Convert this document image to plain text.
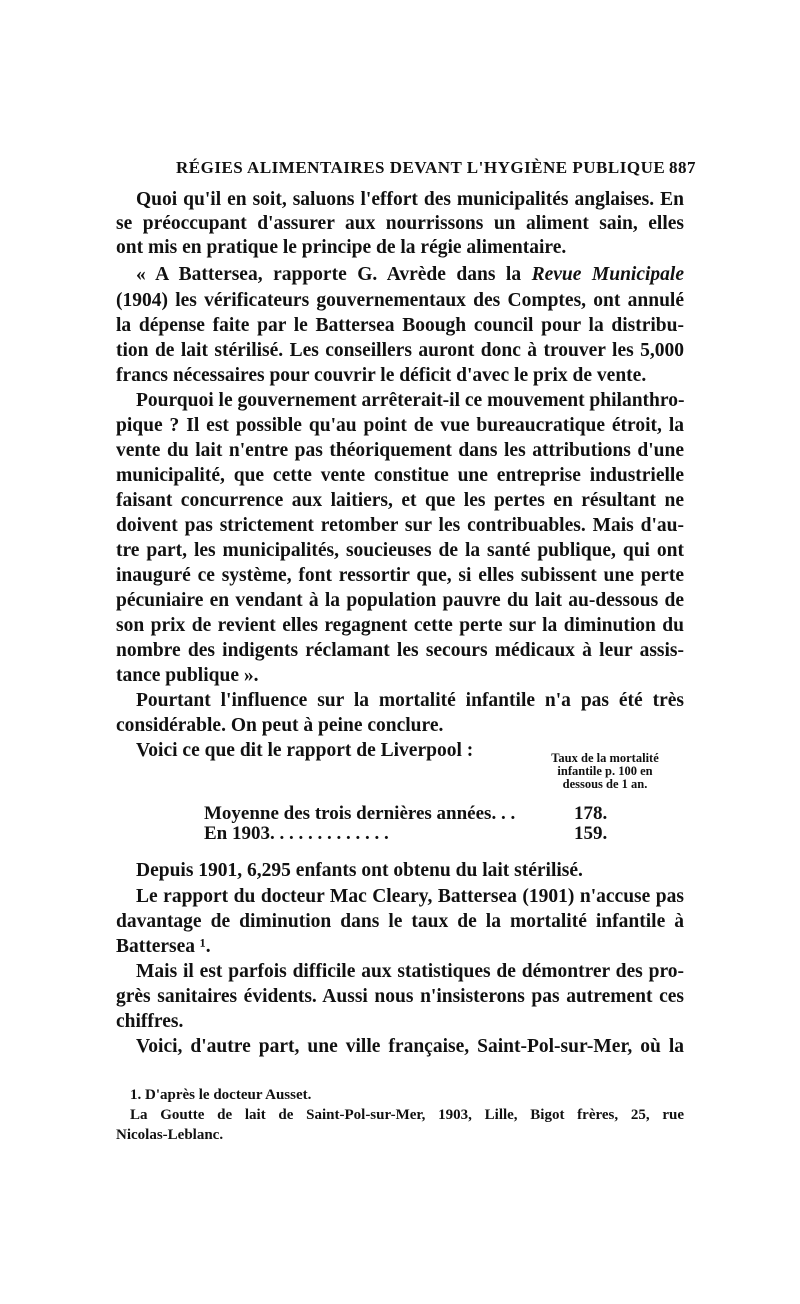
RÉGIES ALIMENTAIRES DEVANT L'HYGIÈNE PUBLIQUE 887
Quoi qu'il en soit, saluons l'effort des municipalités anglaises. En
se préoccupant d'assurer aux nourrissons un aliment sain, elles
ont mis en pratique le principe de la régie alimentaire.
« A Battersea, rapporte G. Avrède dans la Revue Municipale
(1904) les vérificateurs gouvernementaux des Comptes, ont annulé
la dépense faite par le Battersea Boough council pour la distribu-
tion de lait stérilisé. Les conseillers auront donc à trouver les 5,000
francs nécessaires pour couvrir le déficit d'avec le prix de vente.
Pourquoi le gouvernement arrêterait-il ce mouvement philanthro-
pique ? Il est possible qu'au point de vue bureaucratique étroit, la
vente du lait n'entre pas théoriquement dans les attributions d'une
municipalité, que cette vente constitue une entreprise industrielle
faisant concurrence aux laitiers, et que les pertes en résultant ne
doivent pas strictement retomber sur les contribuables. Mais d'au-
tre part, les municipalités, soucieuses de la santé publique, qui ont
inauguré ce système, font ressortir que, si elles subissent une perte
pécuniaire en vendant à la population pauvre du lait au-dessous de
son prix de revient elles regagnent cette perte sur la diminution du
nombre des indigents réclamant les secours médicaux à leur assis-
tance publique ».
Pourtant l'influence sur la mortalité infantile n'a pas été très
considérable. On peut à peine conclure.
Voici ce que dit le rapport de Liverpool :	Taux de la mortalité
infantile p. 100 en
dessous de 1 an.
Moyenne des trois dernières années. . .	178.
En 1903. . . . . . . . . . . . .	159.
Depuis 1901, 6,295 enfants ont obtenu du lait stérilisé.
Le rapport du docteur Mac Cleary, Battersea (1901) n'accuse pas
davantage de diminution dans le taux de la mortalité infantile à
Battersea ¹.
Mais il est parfois difficile aux statistiques de démontrer des pro-
grès sanitaires évidents. Aussi nous n'insisterons pas autrement ces
chiffres.
Voici, d'autre part, une ville française, Saint-Pol-sur-Mer, où la
1. D'après le docteur Ausset.
La Goutte de lait de Saint-Pol-sur-Mer, 1903, Lille, Bigot frères, 25, rue
Nicolas-Leblanc.
